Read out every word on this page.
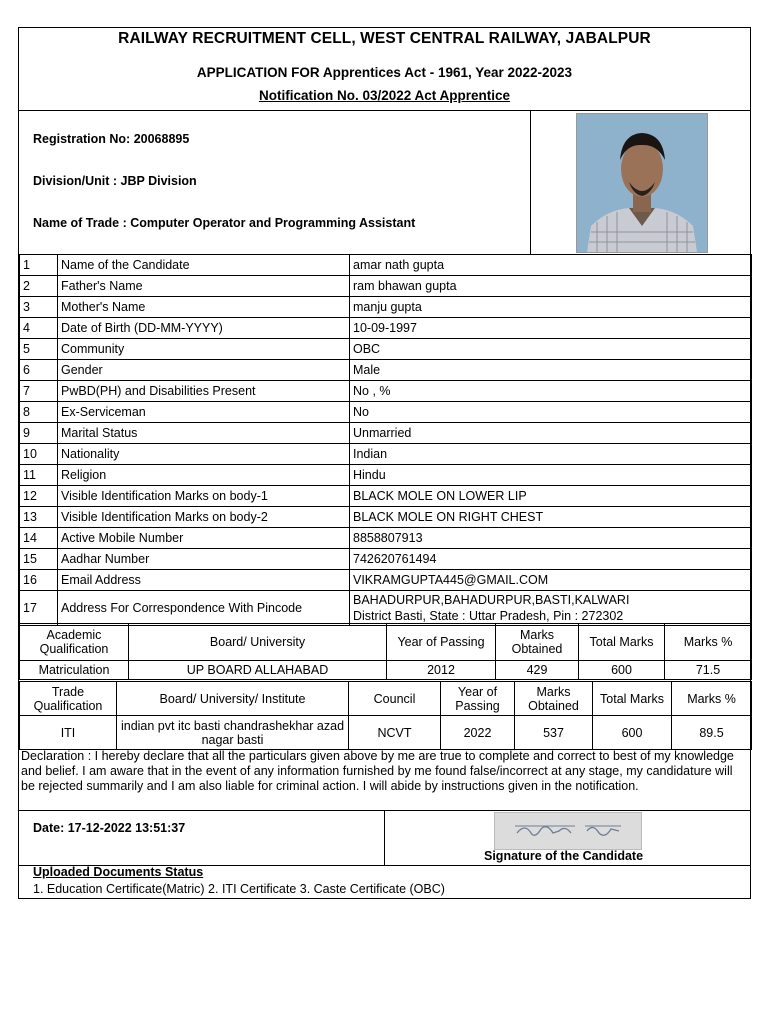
RAILWAY RECRUITMENT CELL, WEST CENTRAL RAILWAY, JABALPUR
APPLICATION FOR Apprentices Act - 1961, Year 2022-2023
Notification No. 03/2022 Act Apprentice
Registration No: 20068895
Division/Unit : JBP Division
Name of Trade : Computer Operator and Programming Assistant
1	Name of the Candidate	amar nath gupta
2	Father's Name	ram bhawan gupta
3	Mother's Name	manju gupta
4	Date of Birth (DD-MM-YYYY)	10-09-1997
5	Community	OBC
6	Gender	Male
7	PwBD(PH) and Disabilities Present	No , %
8	Ex-Serviceman	No
9	Marital Status	Unmarried
10	Nationality	Indian
11	Religion	Hindu
12	Visible Identification Marks on body-1	BLACK MOLE ON LOWER LIP
13	Visible Identification Marks on body-2	BLACK MOLE ON RIGHT CHEST
14	Active Mobile Number	8858807913
15	Aadhar Number	742620761494
16	Email Address	VIKRAMGUPTA445@GMAIL.COM
17	Address For Correspondence With Pincode	BAHADURPUR,BAHADURPUR,BASTI,KALWARI
District Basti, State : Uttar Pradesh, Pin : 272302
Academic Qualification	Board/ University	Year of Passing	Marks Obtained	Total Marks	Marks %
Matriculation	UP BOARD ALLAHABAD	2012	429	600	71.5
Trade Qualification	Board/ University/ Institute	Council	Year of Passing	Marks Obtained	Total Marks	Marks %
ITI	indian pvt itc basti chandrashekhar azad nagar basti	NCVT	2022	537	600	89.5
Declaration : I hereby declare that all the particulars given above by me are true to complete and correct to best of my knowledge and belief. I am aware that in the event of any information furnished by me found false/incorrect at any stage, my candidature will be rejected summarily and I am also liable for criminal action. I will abide by instructions given in the notification.
Date: 17-12-2022 13:51:37
Signature of the Candidate
Uploaded Documents Status
1. Education Certificate(Matric) 2. ITI Certificate 3. Caste Certificate (OBC)
